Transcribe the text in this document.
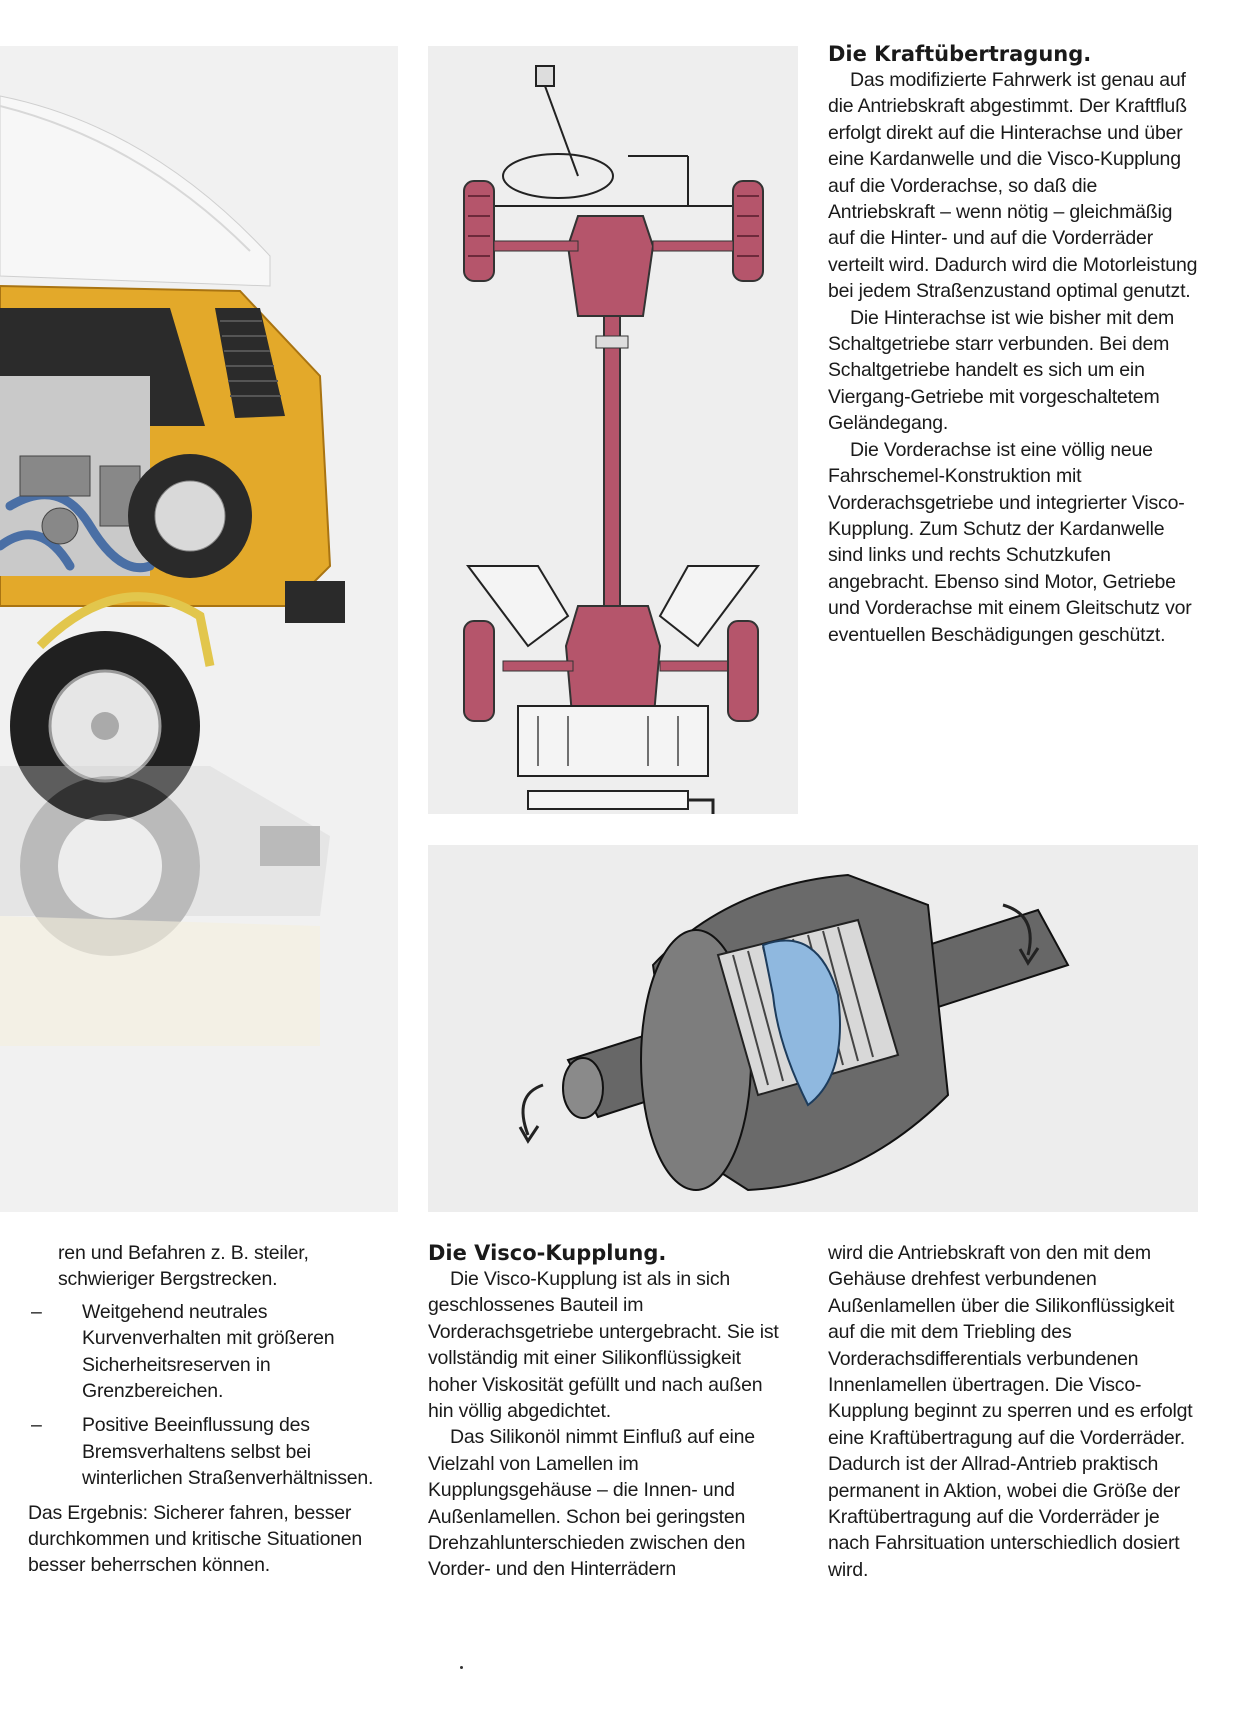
Die Kraftübertragung.

Das modifizierte Fahrwerk ist genau auf die Antriebskraft abgestimmt. Der Kraftfluß erfolgt direkt auf die Hinterachse und über eine Kardanwelle und die Visco-Kupplung auf die Vorderachse, so daß die Antriebskraft – wenn nötig – gleichmäßig auf die Hinter- und auf die Vorderräder verteilt wird. Dadurch wird die Motorleistung bei jedem Straßenzustand optimal genutzt.

Die Hinterachse ist wie bisher mit dem Schaltgetriebe starr verbunden. Bei dem Schaltgetriebe handelt es sich um ein Viergang-Getriebe mit vorgeschaltetem Geländegang.

Die Vorderachse ist eine völlig neue Fahrschemel-Konstruktion mit Vorderachsgetriebe und integrierter Visco-Kupplung. Zum Schutz der Kardanwelle sind links und rechts Schutzkufen angebracht. Ebenso sind Motor, Getriebe und Vorderachse mit einem Gleitschutz vor eventuellen Beschädigungen geschützt.

ren und Befahren z. B. steiler, schwieriger Bergstrecken.

–	Weitgehend neutrales Kurvenverhalten mit größeren Sicherheitsreserven in Grenzbereichen.
–	Positive Beeinflussung des Bremsverhaltens selbst bei winterlichen Straßenverhältnissen.

Das Ergebnis: Sicherer fahren, besser durchkommen und kritische Situationen besser beherrschen können.

Die Visco-Kupplung.

Die Visco-Kupplung ist als in sich geschlossenes Bauteil im Vorderachsgetriebe untergebracht. Sie ist vollständig mit einer Silikonflüssigkeit hoher Viskosität gefüllt und nach außen hin völlig abgedichtet.

Das Silikonöl nimmt Einfluß auf eine Vielzahl von Lamellen im Kupplungsgehäuse – die Innen- und Außenlamellen. Schon bei geringsten Drehzahlunterschieden zwischen den Vorder- und den Hinterrädern

wird die Antriebskraft von den mit dem Gehäuse drehfest verbundenen Außenlamellen über die Silikonflüssigkeit auf die mit dem Triebling des Vorderachsdifferentials verbundenen Innenlamellen übertragen. Die Visco-Kupplung beginnt zu sperren und es erfolgt eine Kraftübertragung auf die Vorderräder. Dadurch ist der Allrad-Antrieb praktisch permanent in Aktion, wobei die Größe der Kraftübertragung auf die Vorderräder je nach Fahrsituation unterschiedlich dosiert wird.
